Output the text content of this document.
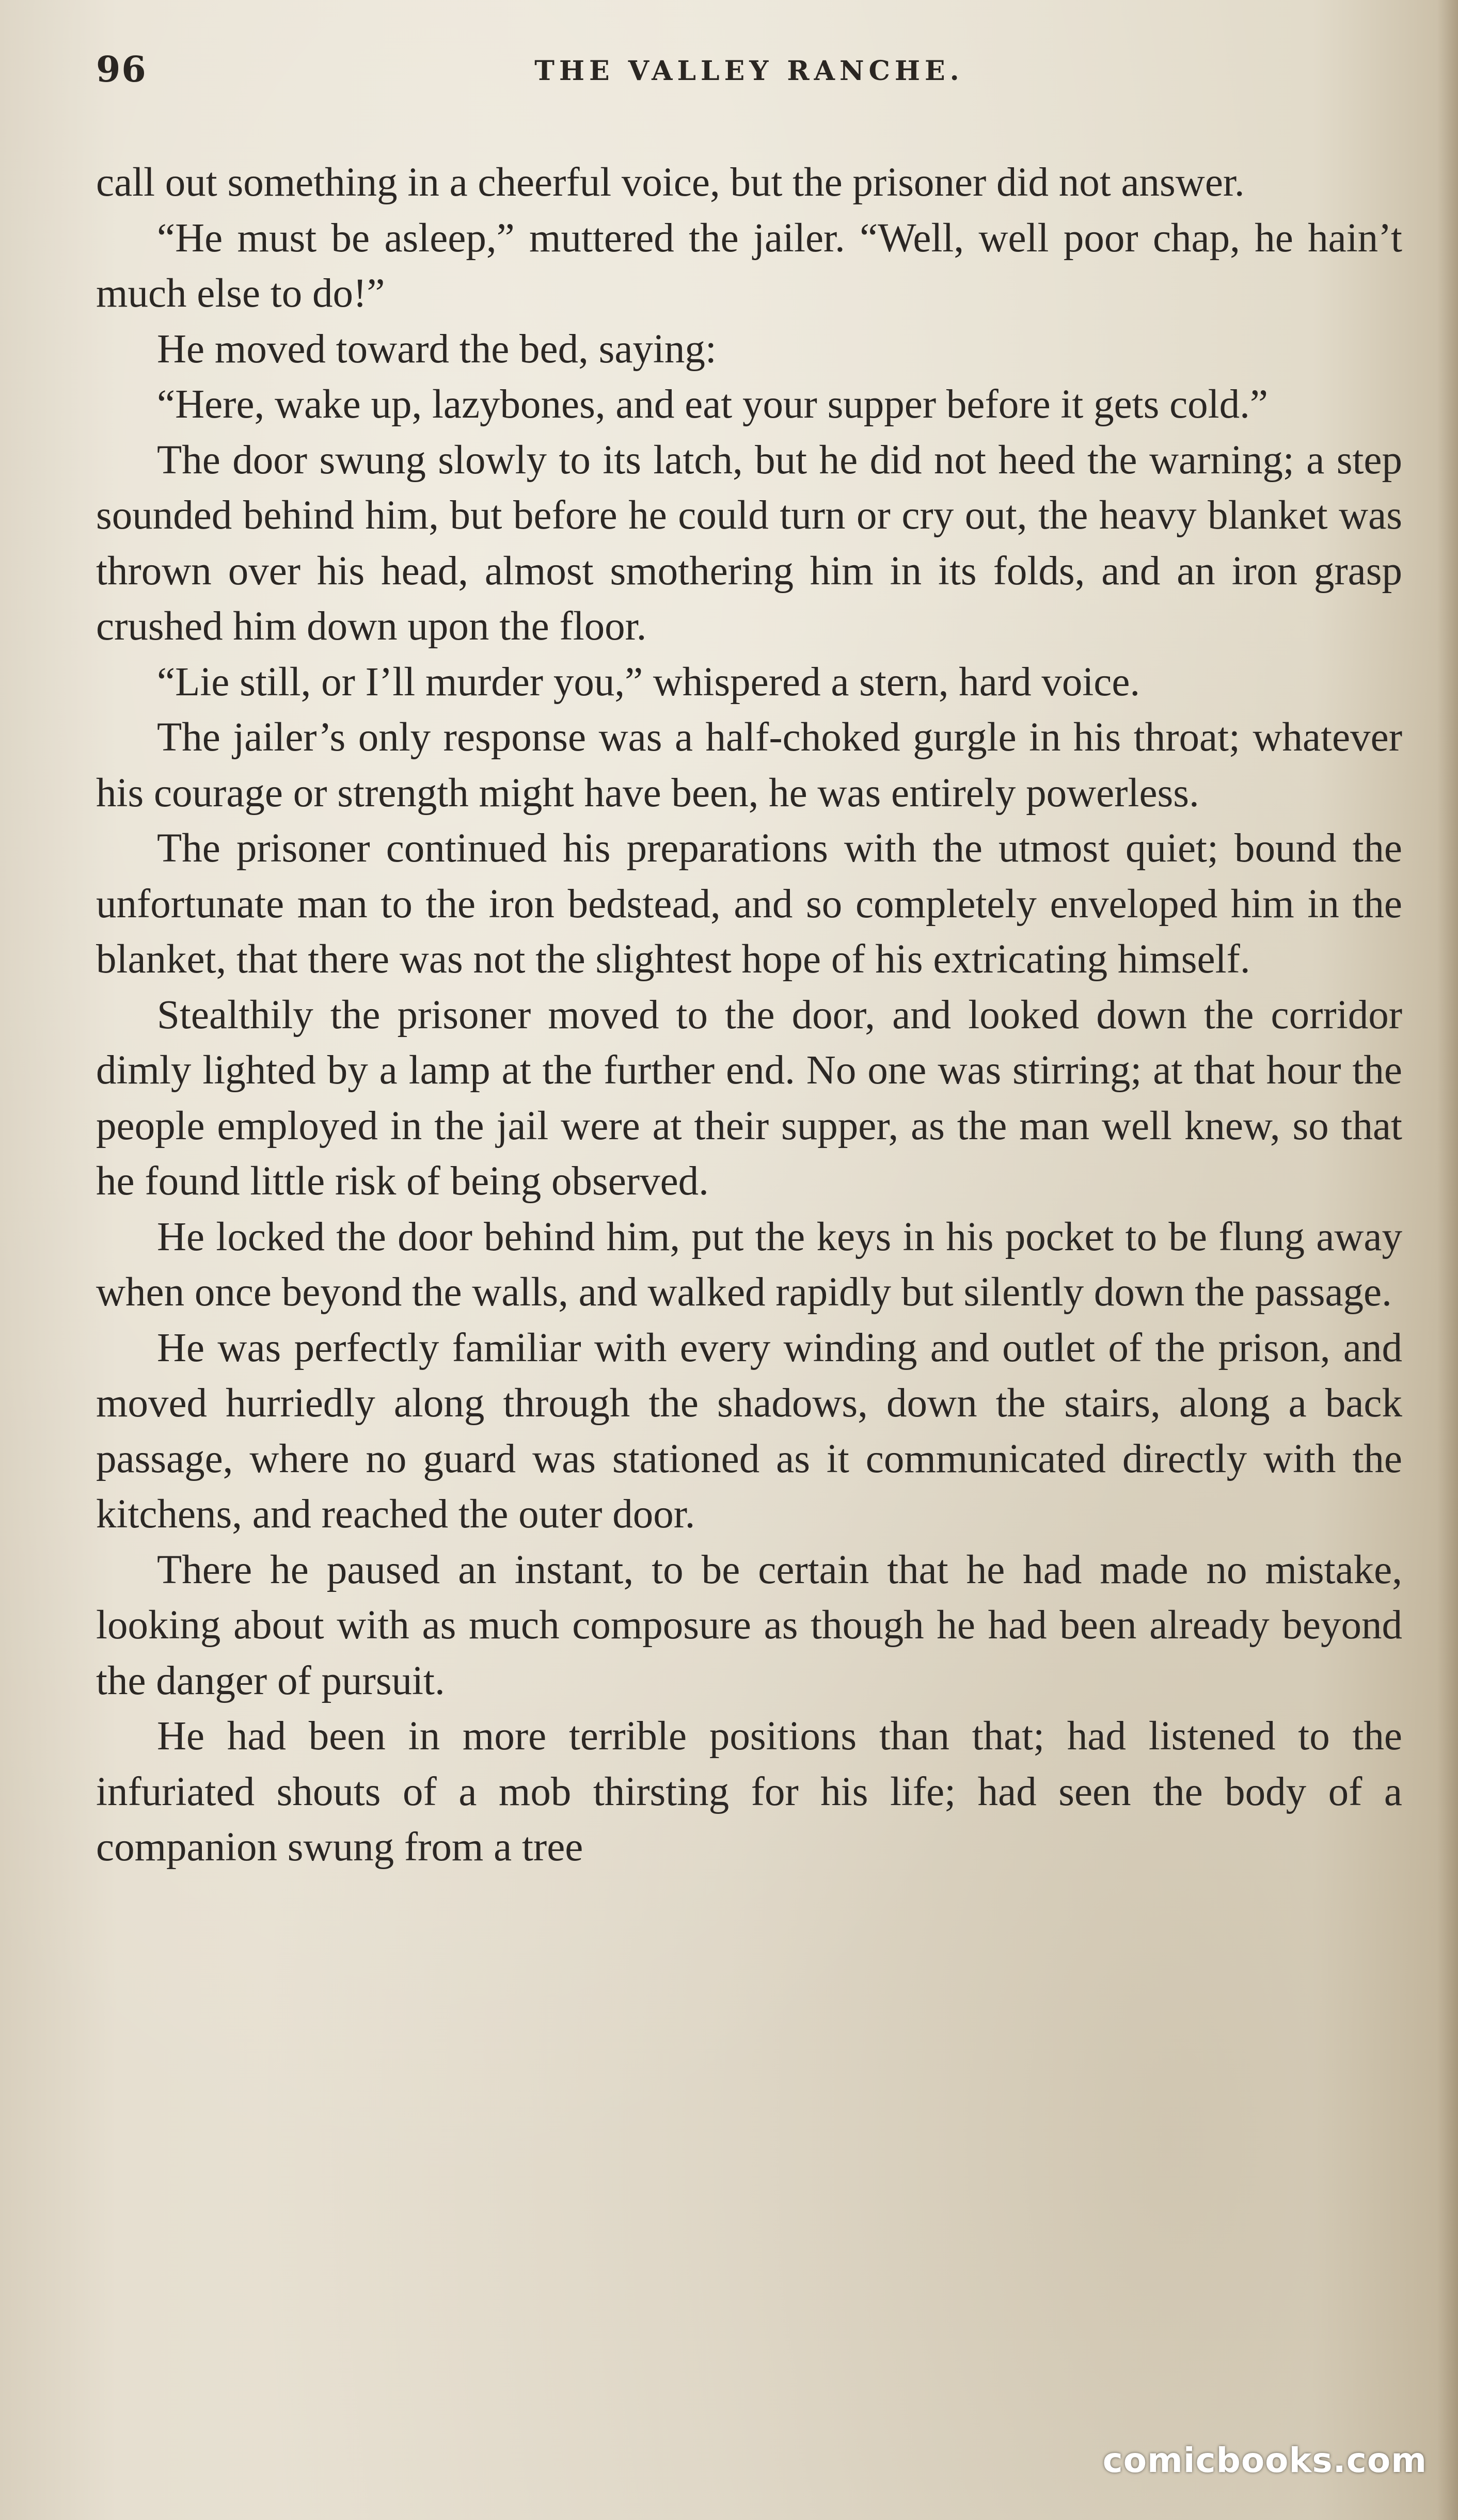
96	THE VALLEY RANCHE.

call out something in a cheerful voice, but the prisoner did not answer.

“He must be asleep,” muttered the jailer. “Well, well poor chap, he hain’t much else to do!”

He moved toward the bed, saying:

“Here, wake up, lazybones, and eat your supper before it gets cold.”

The door swung slowly to its latch, but he did not heed the warning; a step sounded behind him, but before he could turn or cry out, the heavy blanket was thrown over his head, almost smothering him in its folds, and an iron grasp crushed him down upon the floor.

“Lie still, or I’ll murder you,” whispered a stern, hard voice.

The jailer’s only response was a half-choked gurgle in his throat; whatever his courage or strength might have been, he was entirely powerless.

The prisoner continued his preparations with the utmost quiet; bound the unfortunate man to the iron bedstead, and so completely enveloped him in the blanket, that there was not the slightest hope of his extricating himself.

Stealthily the prisoner moved to the door, and looked down the corridor dimly lighted by a lamp at the further end. No one was stirring; at that hour the people employed in the jail were at their supper, as the man well knew, so that he found little risk of being observed.

He locked the door behind him, put the keys in his pocket to be flung away when once beyond the walls, and walked rapidly but silently down the passage.

He was perfectly familiar with every winding and outlet of the prison, and moved hurriedly along through the shadows, down the stairs, along a back passage, where no guard was stationed as it communicated directly with the kitchens, and reached the outer door.

There he paused an instant, to be certain that he had made no mistake, looking about with as much composure as though he had been already beyond the danger of pursuit.

He had been in more terrible positions than that; had listened to the infuriated shouts of a mob thirsting for his life; had seen the body of a companion swung from a tree

comicbooks.com
